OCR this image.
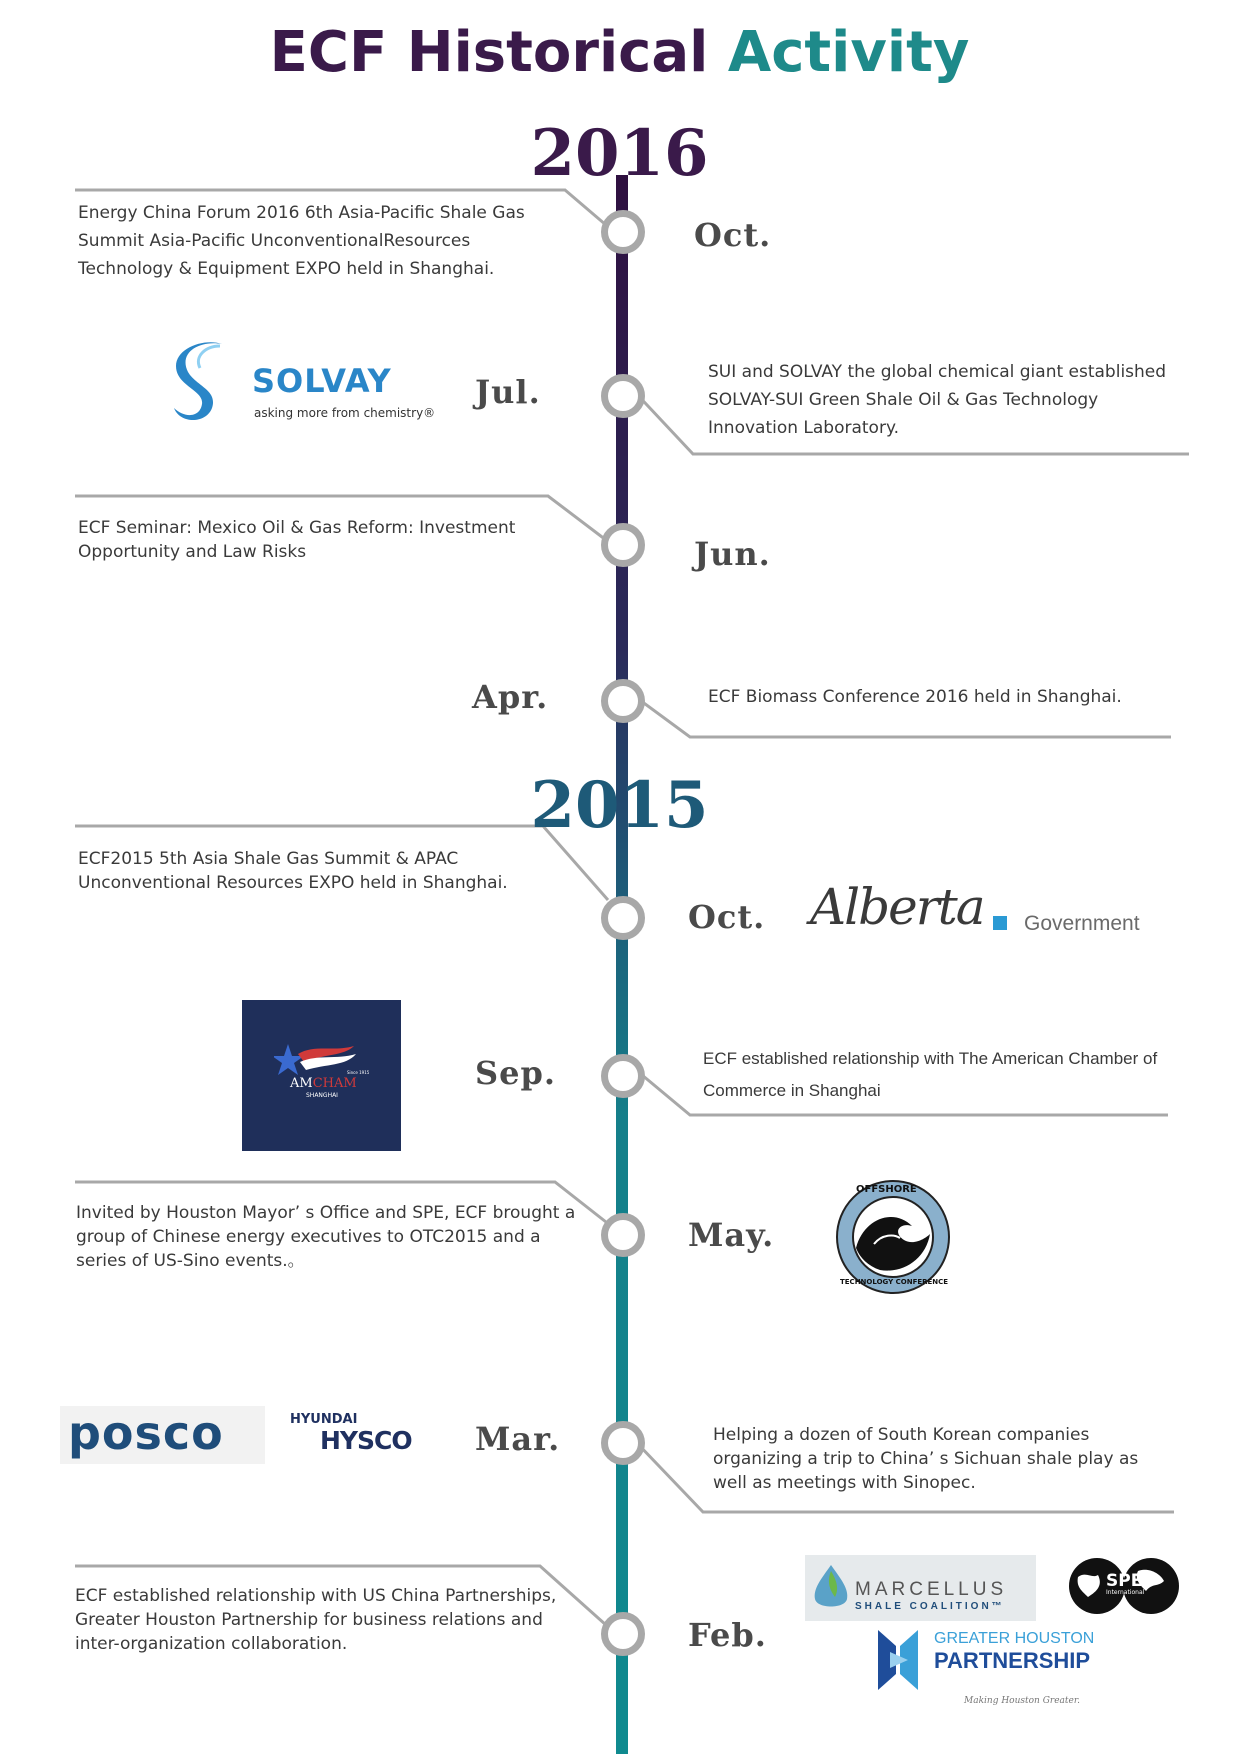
ECF Historical Activity
2016
2015
Oct.
Jul.
Jun.
Apr.
Oct.
Sep.
May.
Mar.
Feb.
Energy China Forum 2016 6th Asia-Pacific Shale Gas Summit Asia-Pacific UnconventionalResources Technology & Equipment EXPO held in Shanghai.
SUI and SOLVAY the global chemical giant established SOLVAY-SUI Green Shale Oil & Gas Technology Innovation Laboratory.
ECF Seminar: Mexico Oil & Gas Reform: Investment Opportunity and Law Risks
ECF Biomass Conference 2016 held in Shanghai.
ECF2015 5th Asia Shale Gas Summit & APAC Unconventional Resources EXPO held in Shanghai.
ECF established relationship with The American Chamber of Commerce in Shanghai
Invited by Houston Mayor’ s Office and SPE, ECF brought a group of Chinese energy executives to OTC2015 and a series of US-Sino events.。
Helping a dozen of South Korean companies organizing a trip to China’ s Sichuan shale play as well as meetings with Sinopec.
ECF established relationship with US China Partnerships, Greater Houston Partnership for business relations and inter-organization collaboration.
SOLVAY
asking more from chemistry®
Alberta Government
Since 1915
AMCHAM
SHANGHAI
OFFSHORE
TECHNOLOGY CONFERENCE
posco	HYUNDAI
HYSCO
MARCELLUS
SHALE COALITION™
SPE
International
GREATER HOUSTON
PARTNERSHIP
Making Houston Greater.
